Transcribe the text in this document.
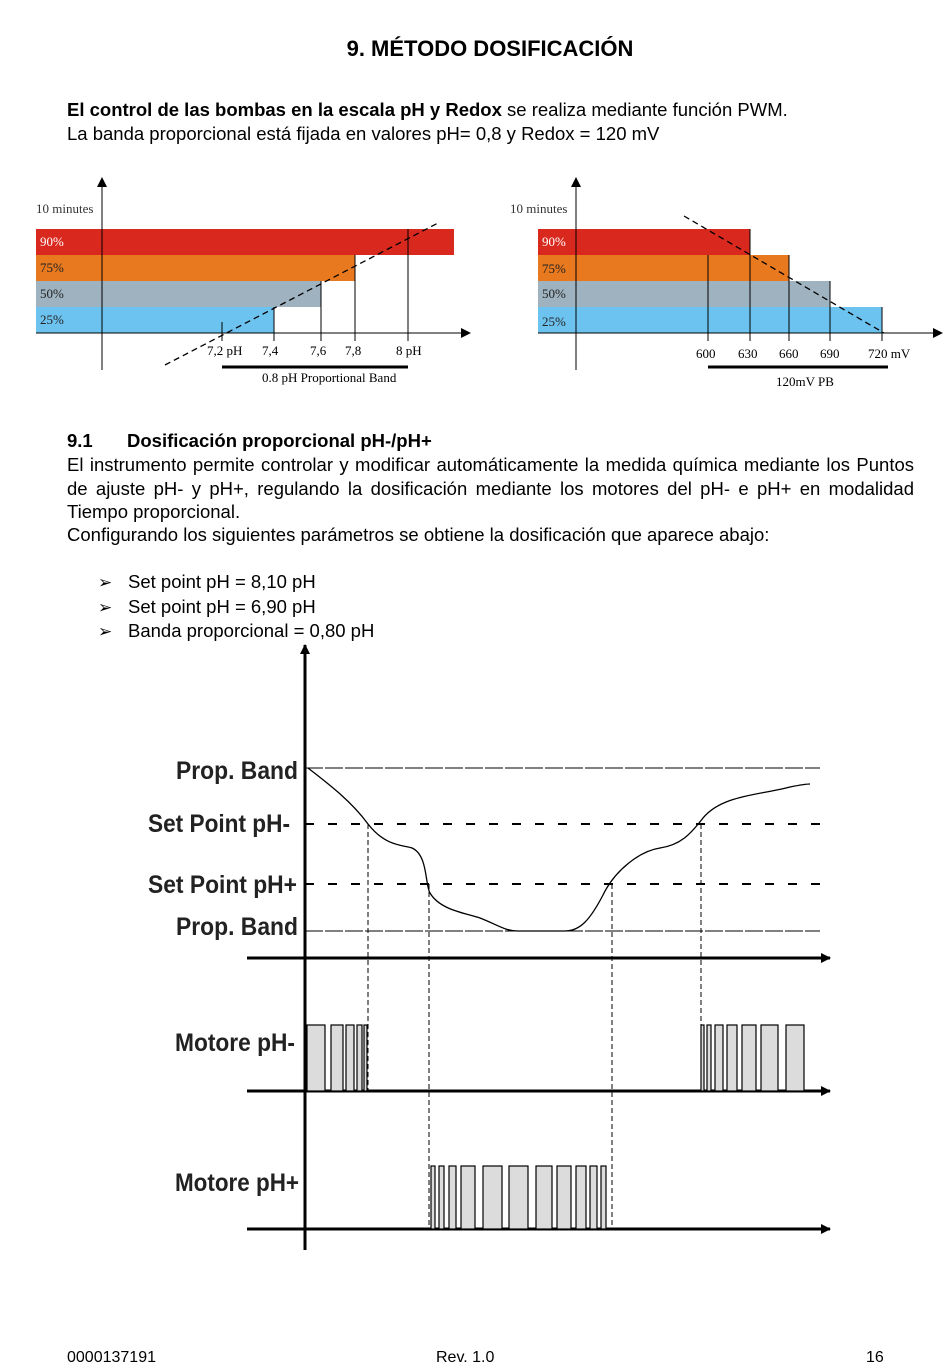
9. MÉTODO DOSIFICACIÓN
El control de las bombas en la escala pH y Redox se realiza mediante función PWM.
La banda proporcional está fijada en valores pH= 0,8 y Redox = 120 mV
9.1 Dosificación proporcional pH-/pH+
El instrumento permite controlar y modificar automáticamente la medida química mediante los Puntos de ajuste pH- y pH+, regulando la dosificación mediante los motores del pH- e pH+ en modalidad Tiempo proporcional.
Configurando los siguientes parámetros se obtiene la dosificación que aparece abajo:
➢ Set point pH = 8,10 pH
➢ Set point pH = 6,90 pH
➢ Banda proporcional = 0,80 pH
10 minutes
90%
75%
50%
25%
7,2 pH 7,4 7,6 7,8	8 pH
0.8 pH Proportional Band
10 minutes
90%
75%
50%
25%
600 630 660 690 720 mV
120mV PB
Prop. Band
Set Point pH-
Set Point pH+
Prop. Band
Motore pH-
Motore pH+
0000137191	Rev. 1.0	16
